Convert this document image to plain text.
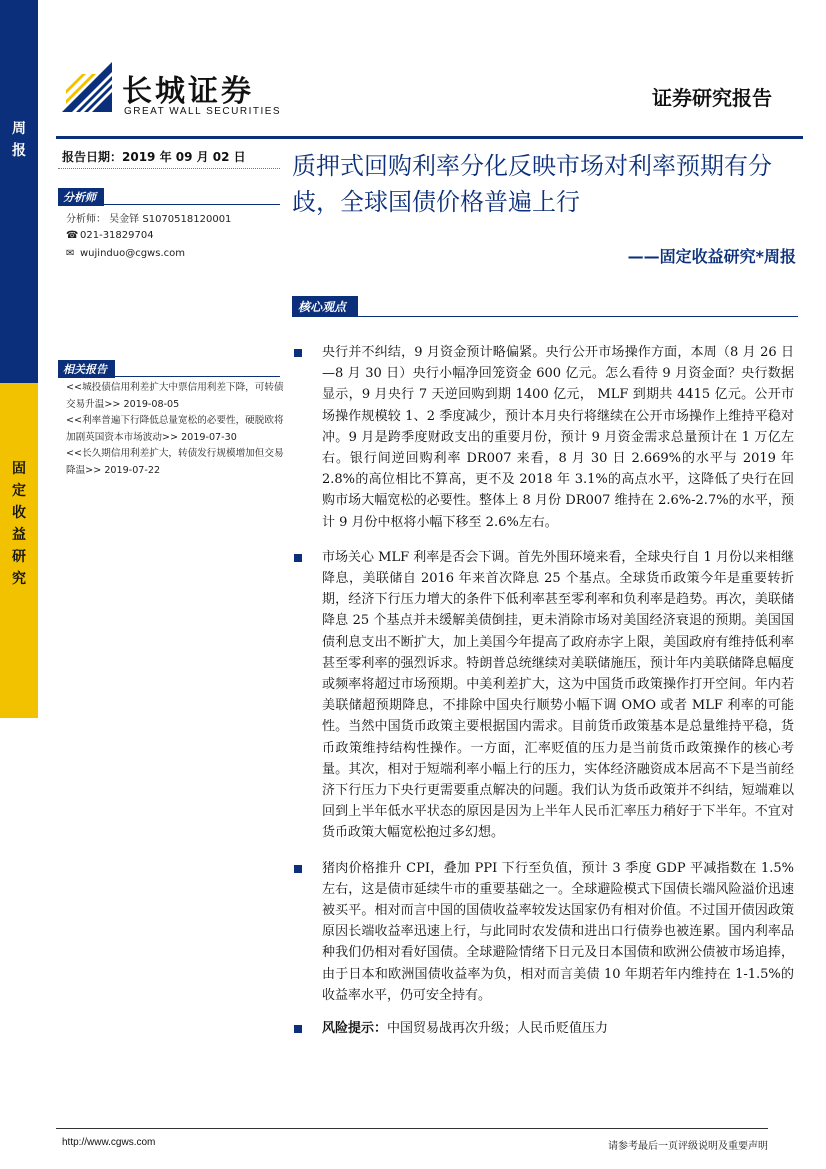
周
报
固
定
收
益
研
究
长城证券
GREAT WALL SECURITIES
证券研究报告
报告日期：2019 年 09 月 02 日
分析师
分析师： 吴金铎 S1070518120001
☎ 021-31829704
✉ wujinduo@cgws.com
相关报告
<<城投债信用利差扩大中票信用利差下降，可转债交易升温>> 2019-08-05
<<利率普遍下行降低总量宽松的必要性，硬脱欧将加剧英国资本市场波动>> 2019-07-30
<<长久期信用利差扩大，转债发行规模增加但交易降温>> 2019-07-22
质押式回购利率分化反映市场对利率预期有分歧，全球国债价格普遍上行
——固定收益研究*周报
核心观点
央行并不纠结，9 月资金预计略偏紧。央行公开市场操作方面，本周（8 月 26 日—8 月 30 日）央行小幅净回笼资金 600 亿元。怎么看待 9 月资金面？央行数据显示，9 月央行 7 天逆回购到期 1400 亿元， MLF 到期共 4415 亿元。公开市场操作规模较 1、2 季度减少，预计本月央行将继续在公开市场操作上维持平稳对冲。9 月是跨季度财政支出的重要月份，预计 9 月资金需求总量预计在 1 万亿左右。银行间逆回购利率 DR007 来看，8 月 30 日 2.669%的水平与 2019 年 2.8%的高位相比不算高，更不及 2018 年 3.1%的高点水平，这降低了央行在回购市场大幅宽松的必要性。整体上 8 月份 DR007 维持在 2.6%-2.7%的水平，预计 9 月份中枢将小幅下移至 2.6%左右。
市场关心 MLF 利率是否会下调。首先外围环境来看，全球央行自 1 月份以来相继降息，美联储自 2016 年来首次降息 25 个基点。全球货币政策今年是重要转折期，经济下行压力增大的条件下低利率甚至零利率和负利率是趋势。再次，美联储降息 25 个基点并未缓解美债倒挂，更未消除市场对美国经济衰退的预期。美国国债利息支出不断扩大，加上美国今年提高了政府赤字上限，美国政府有维持低利率甚至零利率的强烈诉求。特朗普总统继续对美联储施压，预计年内美联储降息幅度或频率将超过市场预期。中美利差扩大，这为中国货币政策操作打开空间。年内若美联储超预期降息，不排除中国央行顺势小幅下调 OMO 或者 MLF 利率的可能性。当然中国货币政策主要根据国内需求。目前货币政策基本是总量维持平稳，货币政策维持结构性操作。一方面，汇率贬值的压力是当前货币政策操作的核心考量。其次，相对于短端利率小幅上行的压力，实体经济融资成本居高不下是当前经济下行压力下央行更需要重点解决的问题。我们认为货币政策并不纠结，短端难以回到上半年低水平状态的原因是因为上半年人民币汇率压力稍好于下半年。不宜对货币政策大幅宽松抱过多幻想。
猪肉价格推升 CPI，叠加 PPI 下行至负值，预计 3 季度 GDP 平减指数在 1.5%左右，这是债市延续牛市的重要基础之一。全球避险模式下国债长端风险溢价迅速被买平。相对而言中国的国债收益率较发达国家仍有相对价值。不过国开债因政策原因长端收益率迅速上行，与此同时农发债和进出口行债券也被连累。国内利率品种我们仍相对看好国债。全球避险情绪下日元及日本国债和欧洲公债被市场追捧，由于日本和欧洲国债收益率为负，相对而言美债 10 年期若年内维持在 1-1.5%的收益率水平，仍可安全持有。
风险提示：中国贸易战再次升级；人民币贬值压力
http://www.cgws.com	请参考最后一页评级说明及重要声明
